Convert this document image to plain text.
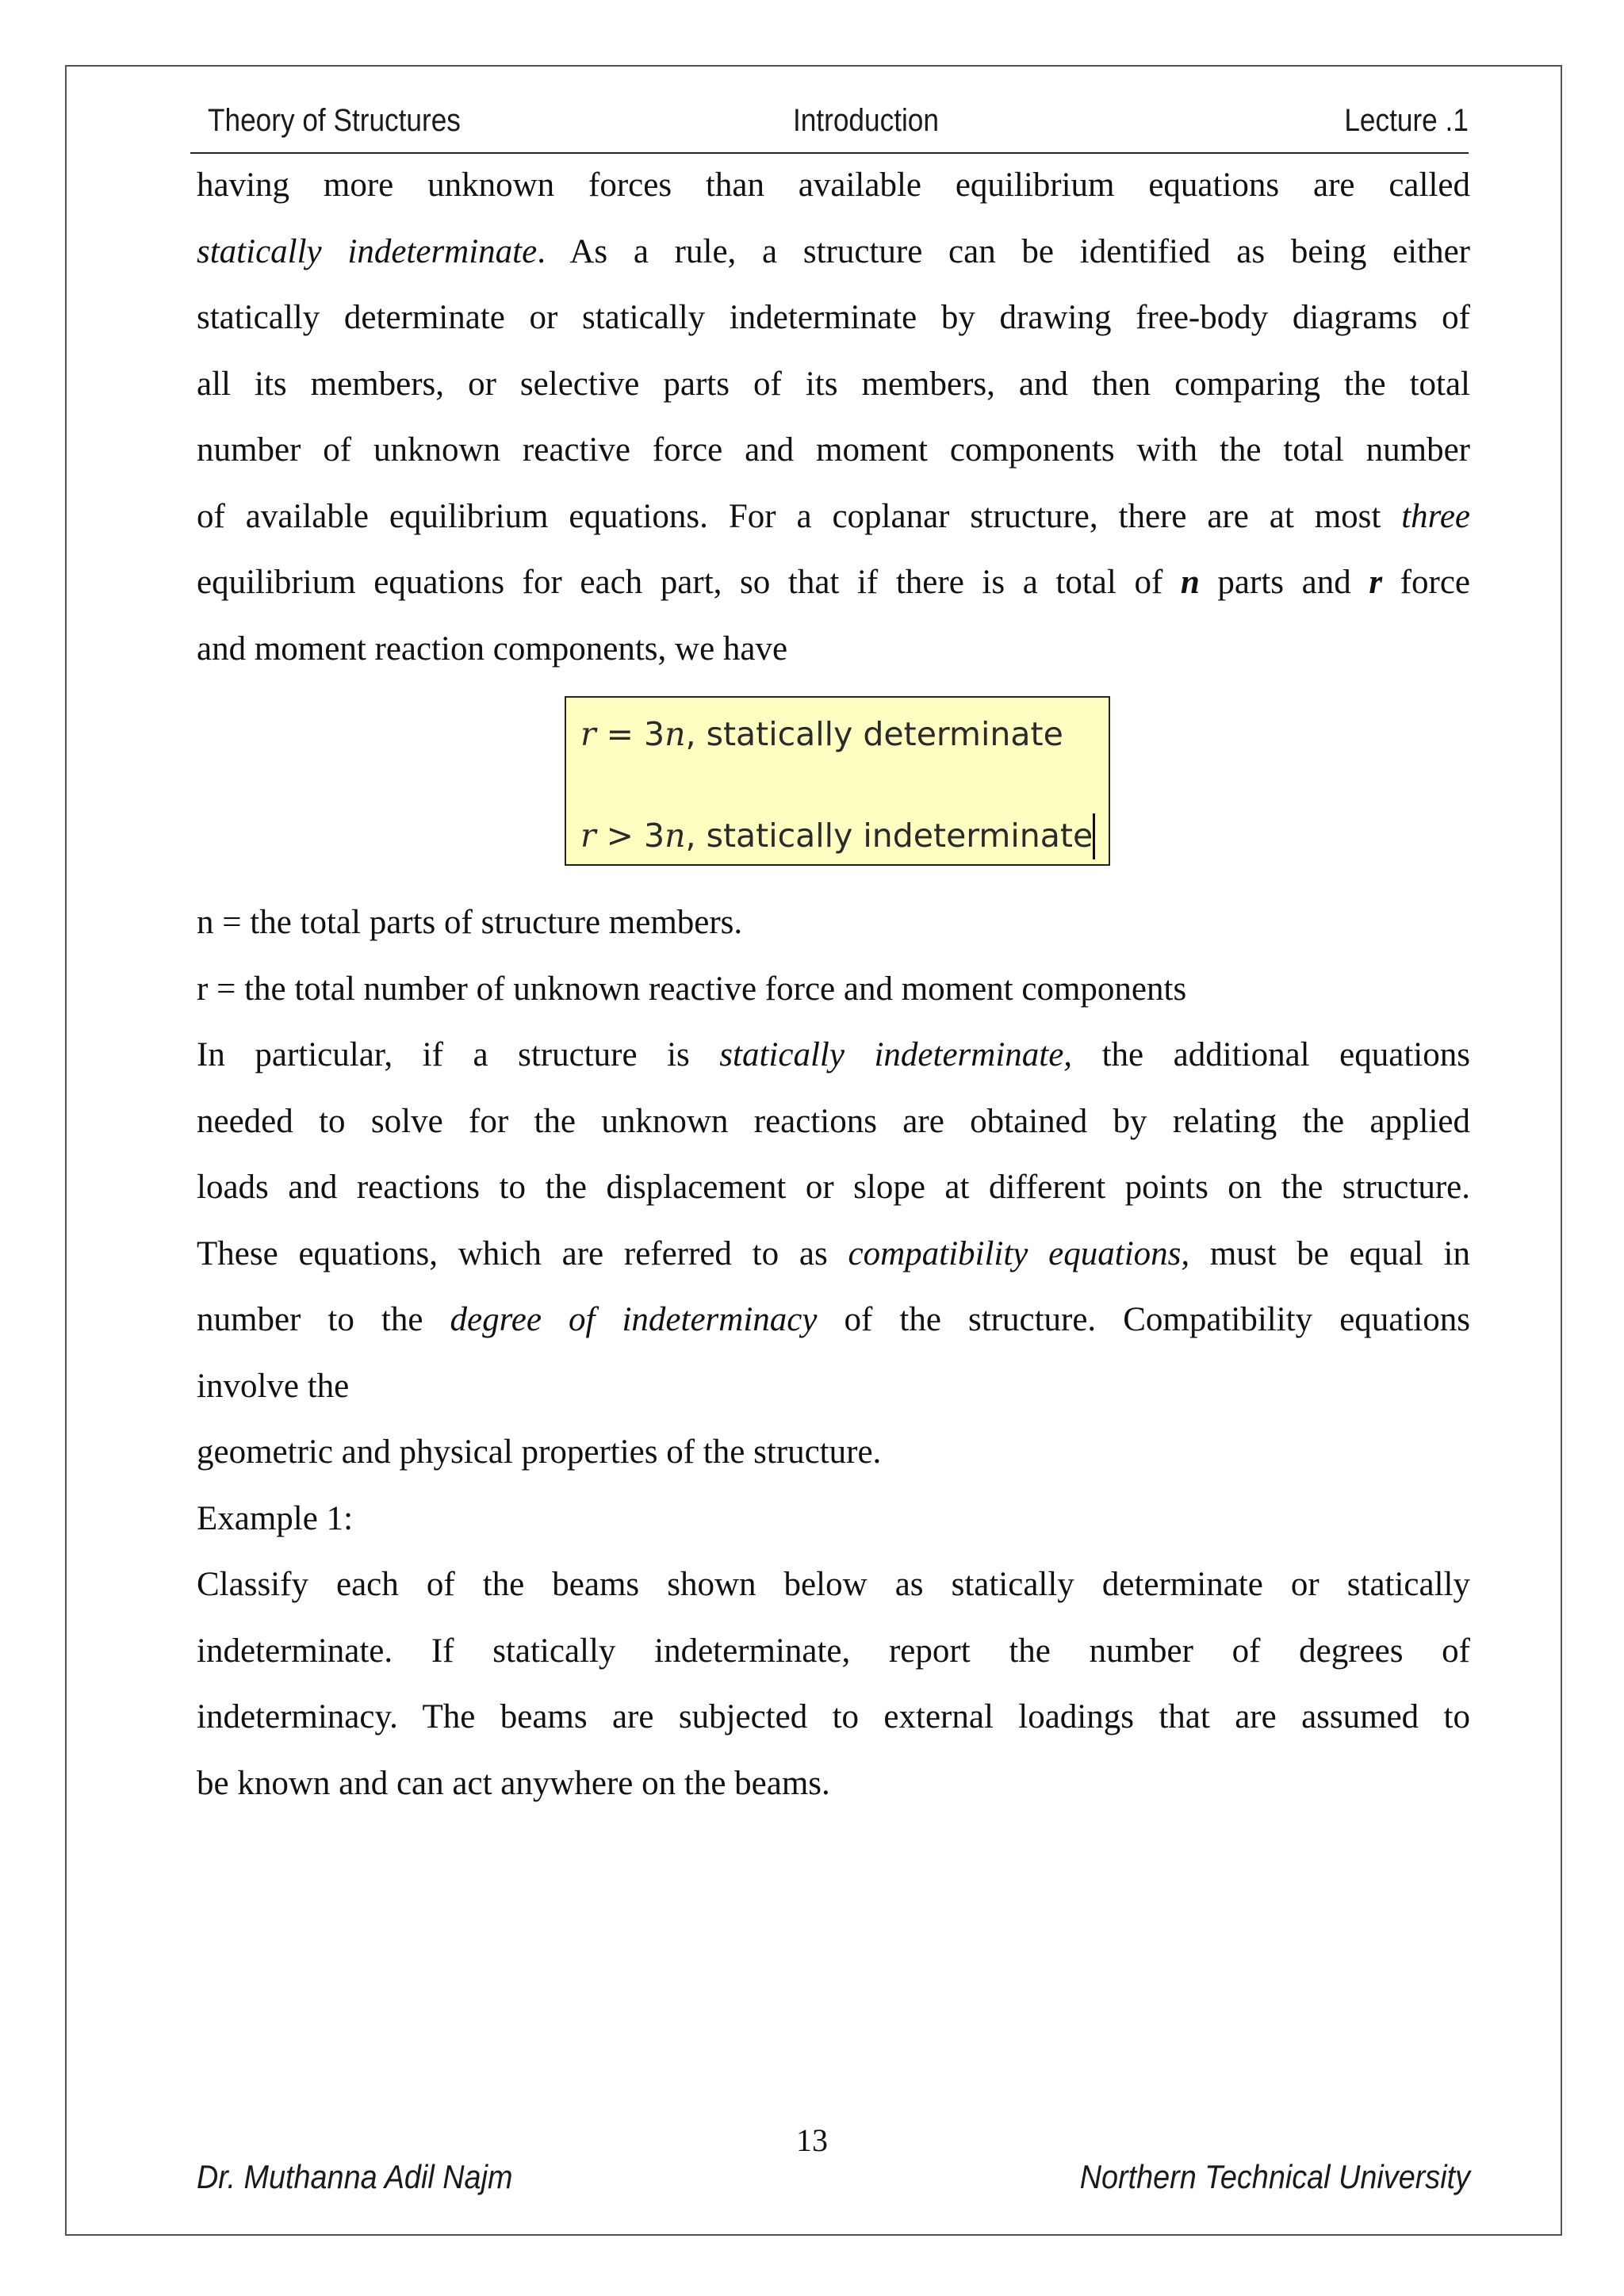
Theory of Structures	Introduction	Lecture .1
having more unknown forces than available equilibrium equations are called
statically indeterminate. As a rule, a structure can be identified as being either
statically determinate or statically indeterminate by drawing free-body diagrams of
all its members, or selective parts of its members, and then comparing the total
number of unknown reactive force and moment components with the total number
of available equilibrium equations. For a coplanar structure, there are at most three
equilibrium equations for each part, so that if there is a total of n parts and r force
and moment reaction components, we have
n = the total parts of structure members.
r = the total number of unknown reactive force and moment components
In particular, if a structure is statically indeterminate, the additional equations
needed to solve for the unknown reactions are obtained by relating the applied
loads and reactions to the displacement or slope at different points on the structure.
These equations, which are referred to as compatibility equations, must be equal in
number to the degree of indeterminacy of the structure. Compatibility equations
involve the
geometric and physical properties of the structure.
Example 1:
Classify each of the beams shown below as statically determinate or statically
indeterminate. If statically indeterminate, report the number of degrees of
indeterminacy. The beams are subjected to external loadings that are assumed to
be known and can act anywhere on the beams.
r = 3n, statically determinate
r > 3n, statically indeterminate
13
Dr. Muthanna Adil Najm	Northern Technical University
